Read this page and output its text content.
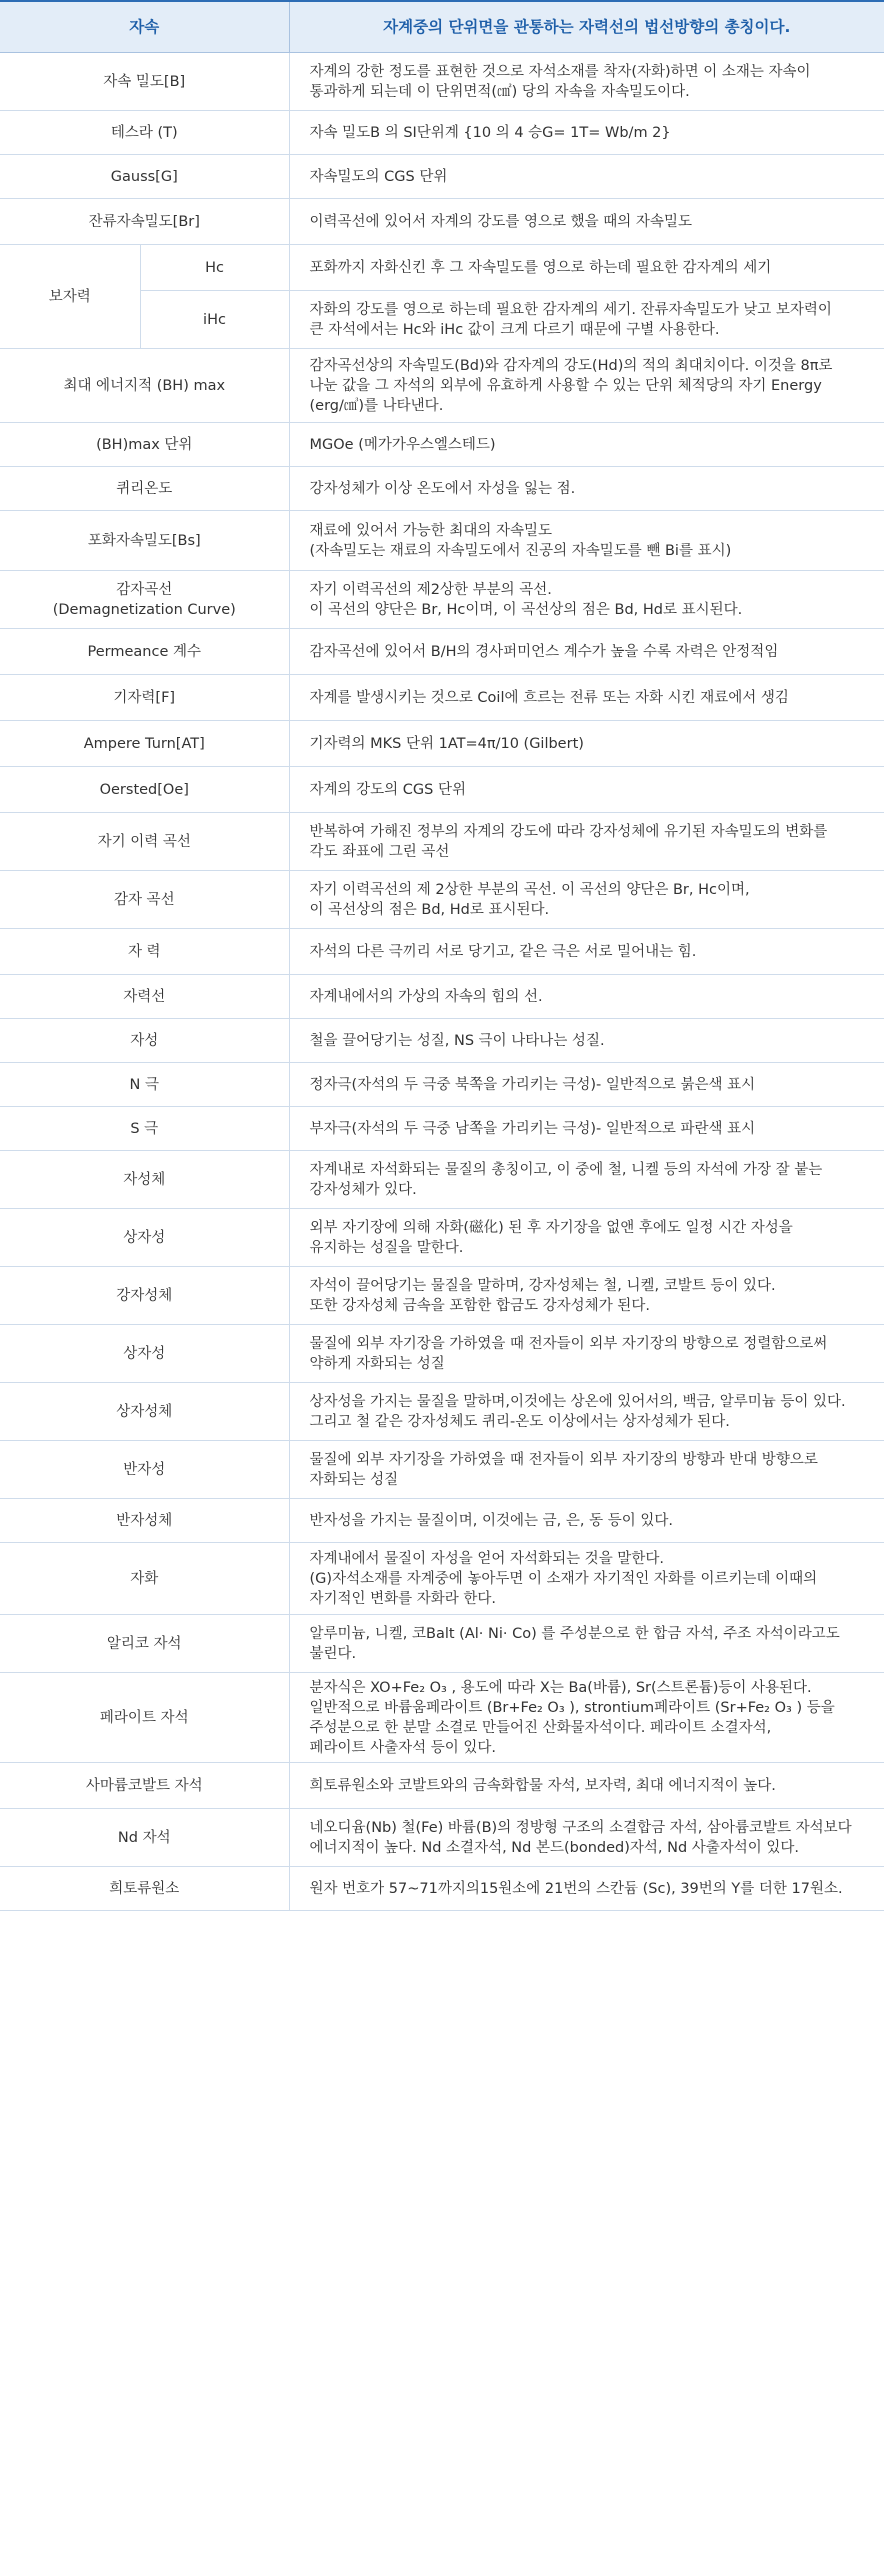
자속		자계중의 단위면을 관통하는 자력선의 법선방향의 총칭이다.
자속 밀도[B]		자계의 강한 정도를 표현한 것으로 자석소재를 착자(자화)하면 이 소재는 자속이
통과하게 되는데 이 단위면적(㎠) 당의 자속을 자속밀도이다.

테스라 (T)		자속 밀도B 의 SI단위계 {10 의 4 승G= 1T= Wb/m 2}

Gauss[G]		자속밀도의 CGS 단위

잔류자속밀도[Br]		이력곡선에 있어서 자계의 강도를 영으로 했을 때의 자속밀도

보자력	Hc	포화까지 자화신킨 후 그 자속밀도를 영으로 하는데 필요한 감자계의 세기

	iHc	자화의 강도를 영으로 하는데 필요한 감자계의 세기. 잔류자속밀도가 낮고 보자력이
큰 자석에서는 Hc와 iHc 값이 크게 다르기 때문에 구별 사용한다.

최대 에너지적 (BH) max		감자곡선상의 자속밀도(Bd)와 감자계의 강도(Hd)의 적의 최대치이다. 이것을 8π로
나눈 값을 그 자석의 외부에 유효하게 사용할 수 있는 단위 체적당의 자기 Energy
(erg/㎤)를 나타낸다.

(BH)max 단위		MGOe (메가가우스엘스테드)

퀴리온도		강자성체가 이상 온도에서 자성을 잃는 점.

포화자속밀도[Bs]		재료에 있어서 가능한 최대의 자속밀도
(자속밀도는 재료의 자속밀도에서 진공의 자속밀도를 뺀 Bi를 표시)

감자곡선
(Demagnetization Curve)		자기 이력곡선의 제2상한 부분의 곡선.
이 곡선의 양단은 Br, Hc이며, 이 곡선상의 점은 Bd, Hd로 표시된다.

Permeance 계수		감자곡선에 있어서 B/H의 경사퍼미언스 계수가 높을 수록 자력은 안정적임

기자력[F]		자계를 발생시키는 것으로 Coil에 흐르는 전류 또는 자화 시킨 재료에서 생김

Ampere Turn[AT]		기자력의 MKS 단위 1AT=4π/10 (Gilbert)

Oersted[Oe]		자계의 강도의 CGS 단위

자기 이력 곡선		반복하여 가해진 정부의 자계의 강도에 따라 강자성체에 유기된 자속밀도의 변화를
각도 좌표에 그린 곡선

감자 곡선		자기 이력곡선의 제 2상한 부분의 곡선. 이 곡선의 양단은 Br, Hc이며,
이 곡선상의 점은 Bd, Hd로 표시된다.

자 력		자석의 다른 극끼리 서로 당기고, 같은 극은 서로 밀어내는 힘.

자력선		자계내에서의 가상의 자속의 힘의 선.

자성		철을 끌어당기는 성질, NS 극이 나타나는 성질.

N 극		정자극(자석의 두 극중 북쪽을 가리키는 극성)- 일반적으로 붉은색 표시

S 극		부자극(자석의 두 극중 남쪽을 가리키는 극성)- 일반적으로 파란색 표시

자성체		자계내로 자석화되는 물질의 총칭이고, 이 중에 철, 니켈 등의 자석에 가장 잘 붙는
강자성체가 있다.

상자성		외부 자기장에 의해 자화(磁化) 된 후 자기장을 없앤 후에도 일정 시간 자성을
유지하는 성질을 말한다.

강자성체		자석이 끌어당기는 물질을 말하며, 강자성체는 철, 니켈, 코발트 등이 있다.
또한 강자성체 금속을 포함한 합금도 강자성체가 된다.

상자성		물질에 외부 자기장을 가하였을 때 전자들이 외부 자기장의 방향으로 정렬함으로써
약하게 자화되는 성질

상자성체		상자성을 가지는 물질을 말하며,이것에는 상온에 있어서의, 백금, 알루미늄 등이 있다.
그리고 철 같은 강자성체도 퀴리-온도 이상에서는 상자성체가 된다.

반자성		물질에 외부 자기장을 가하였을 때 전자들이 외부 자기장의 방향과 반대 방향으로
자화되는 성질

반자성체		반자성을 가지는 물질이며, 이것에는 금, 은, 동 등이 있다.

자화		자계내에서 물질이 자성을 얻어 자석화되는 것을 말한다.
(G)자석소재를 자계중에 놓아두면 이 소재가 자기적인 자화를 이르키는데 이때의
자기적인 변화를 자화라 한다.

알리코 자석		알루미늄, 니켈, 코Balt (Al· Ni· Co) 를 주성분으로 한 합금 자석, 주조 자석이라고도
불린다.

페라이트 자석		분자식은 XO+Fe₂ O₃ , 용도에 따라 X는 Ba(바륨), Sr(스트론튬)등이 사용된다.
일반적으로 바륨움페라이트 (Br+Fe₂ O₃ ), strontium페라이트 (Sr+Fe₂ O₃ ) 등을
주성분으로 한 분말 소결로 만들어진 산화물자석이다. 페라이트 소결자석,
페라이트 사출자석 등이 있다.

사마륨코발트 자석		희토류원소와 코발트와의 금속화합물 자석, 보자력, 최대 에너지적이 높다.

Nd 자석		네오디윰(Nb) 철(Fe) 바륨(B)의 정방형 구조의 소결합금 자석, 삼아륨코발트 자석보다
에너지적이 높다. Nd 소결자석, Nd 본드(bonded)자석, Nd 사출자석이 있다.

희토류원소		원자 번호가 57~71까지의15원소에 21번의 스칸듐 (Sc), 39번의 Y를 더한 17원소.
